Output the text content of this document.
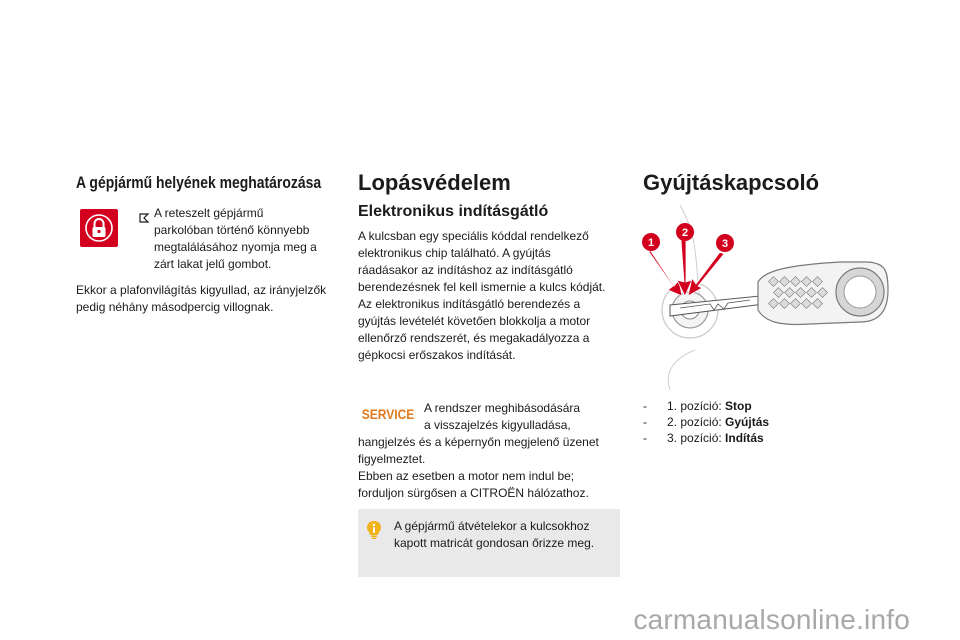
A gépjármű helyének meghatározása
A reteszelt gépjármű
parkolóban történő könnyebb
megtalálásához nyomja meg a
zárt lakat jelű gombot.
Ekkor a plafonvilágítás kigyullad, az irányjelzők
pedig néhány másodpercig villognak.
Lopásvédelem
Elektronikus indításgátló
A kulcsban egy speciális kóddal rendelkező
elektronikus chip található. A gyújtás
ráadásakor az indításhoz az indításgátló
berendezésnek fel kell ismernie a kulcs kódját.
Az elektronikus indításgátló berendezés a
gyújtás levételét követően blokkolja a motor
ellenőrző rendszerét, és megakadályozza a
gépkocsi erőszakos indítását.
SERVICE A rendszer meghibásodására
a visszajelzés kigyulladása,
hangjelzés és a képernyőn megjelenő üzenet
figyelmeztet.
Ebben az esetben a motor nem indul be;
forduljon sürgősen a CITROËN hálózathoz.
A gépjármű átvételekor a kulcsokhoz
kapott matricát gondosan őrizze meg.
Gyújtáskapcsoló
1
2
3
- 1. pozíció: Stop
- 2. pozíció: Gyújtás
- 3. pozíció: Indítás
carmanualsonline.info
